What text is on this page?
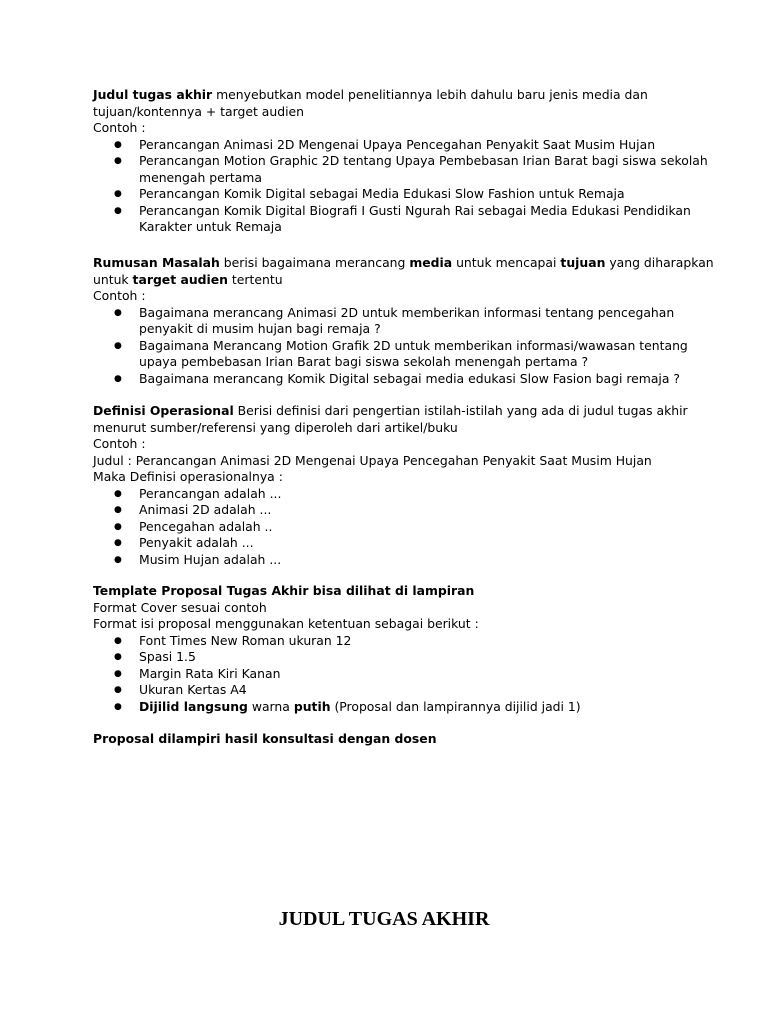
Judul tugas akhir menyebutkan model penelitiannya lebih dahulu baru jenis media dan
tujuan/kontennya + target audien
Contoh :
● Perancangan Animasi 2D Mengenai Upaya Pencegahan Penyakit Saat Musim Hujan
● Perancangan Motion Graphic 2D tentang Upaya Pembebasan Irian Barat bagi siswa sekolah
menengah pertama
● Perancangan Komik Digital sebagai Media Edukasi Slow Fashion untuk Remaja
● Perancangan Komik Digital Biografi I Gusti Ngurah Rai sebagai Media Edukasi Pendidikan
Karakter untuk Remaja
Rumusan Masalah berisi bagaimana merancang media untuk mencapai tujuan yang diharapkan
untuk target audien tertentu
Contoh :
● Bagaimana merancang Animasi 2D untuk memberikan informasi tentang pencegahan
penyakit di musim hujan bagi remaja ?
● Bagaimana Merancang Motion Grafik 2D untuk memberikan informasi/wawasan tentang
upaya pembebasan Irian Barat bagi siswa sekolah menengah pertama ?
● Bagaimana merancang Komik Digital sebagai media edukasi Slow Fasion bagi remaja ?
Definisi Operasional Berisi definisi dari pengertian istilah-istilah yang ada di judul tugas akhir
menurut sumber/referensi yang diperoleh dari artikel/buku
Contoh :
Judul : Perancangan Animasi 2D Mengenai Upaya Pencegahan Penyakit Saat Musim Hujan
Maka Definisi operasionalnya :
● Perancangan adalah ...
● Animasi 2D adalah ...
● Pencegahan adalah ..
● Penyakit adalah ...
● Musim Hujan adalah ...
Template Proposal Tugas Akhir bisa dilihat di lampiran
Format Cover sesuai contoh
Format isi proposal menggunakan ketentuan sebagai berikut :
● Font Times New Roman ukuran 12
● Spasi 1.5
● Margin Rata Kiri Kanan
● Ukuran Kertas A4
● Dijilid langsung warna putih (Proposal dan lampirannya dijilid jadi 1)
Proposal dilampiri hasil konsultasi dengan dosen
JUDUL TUGAS AKHIR
